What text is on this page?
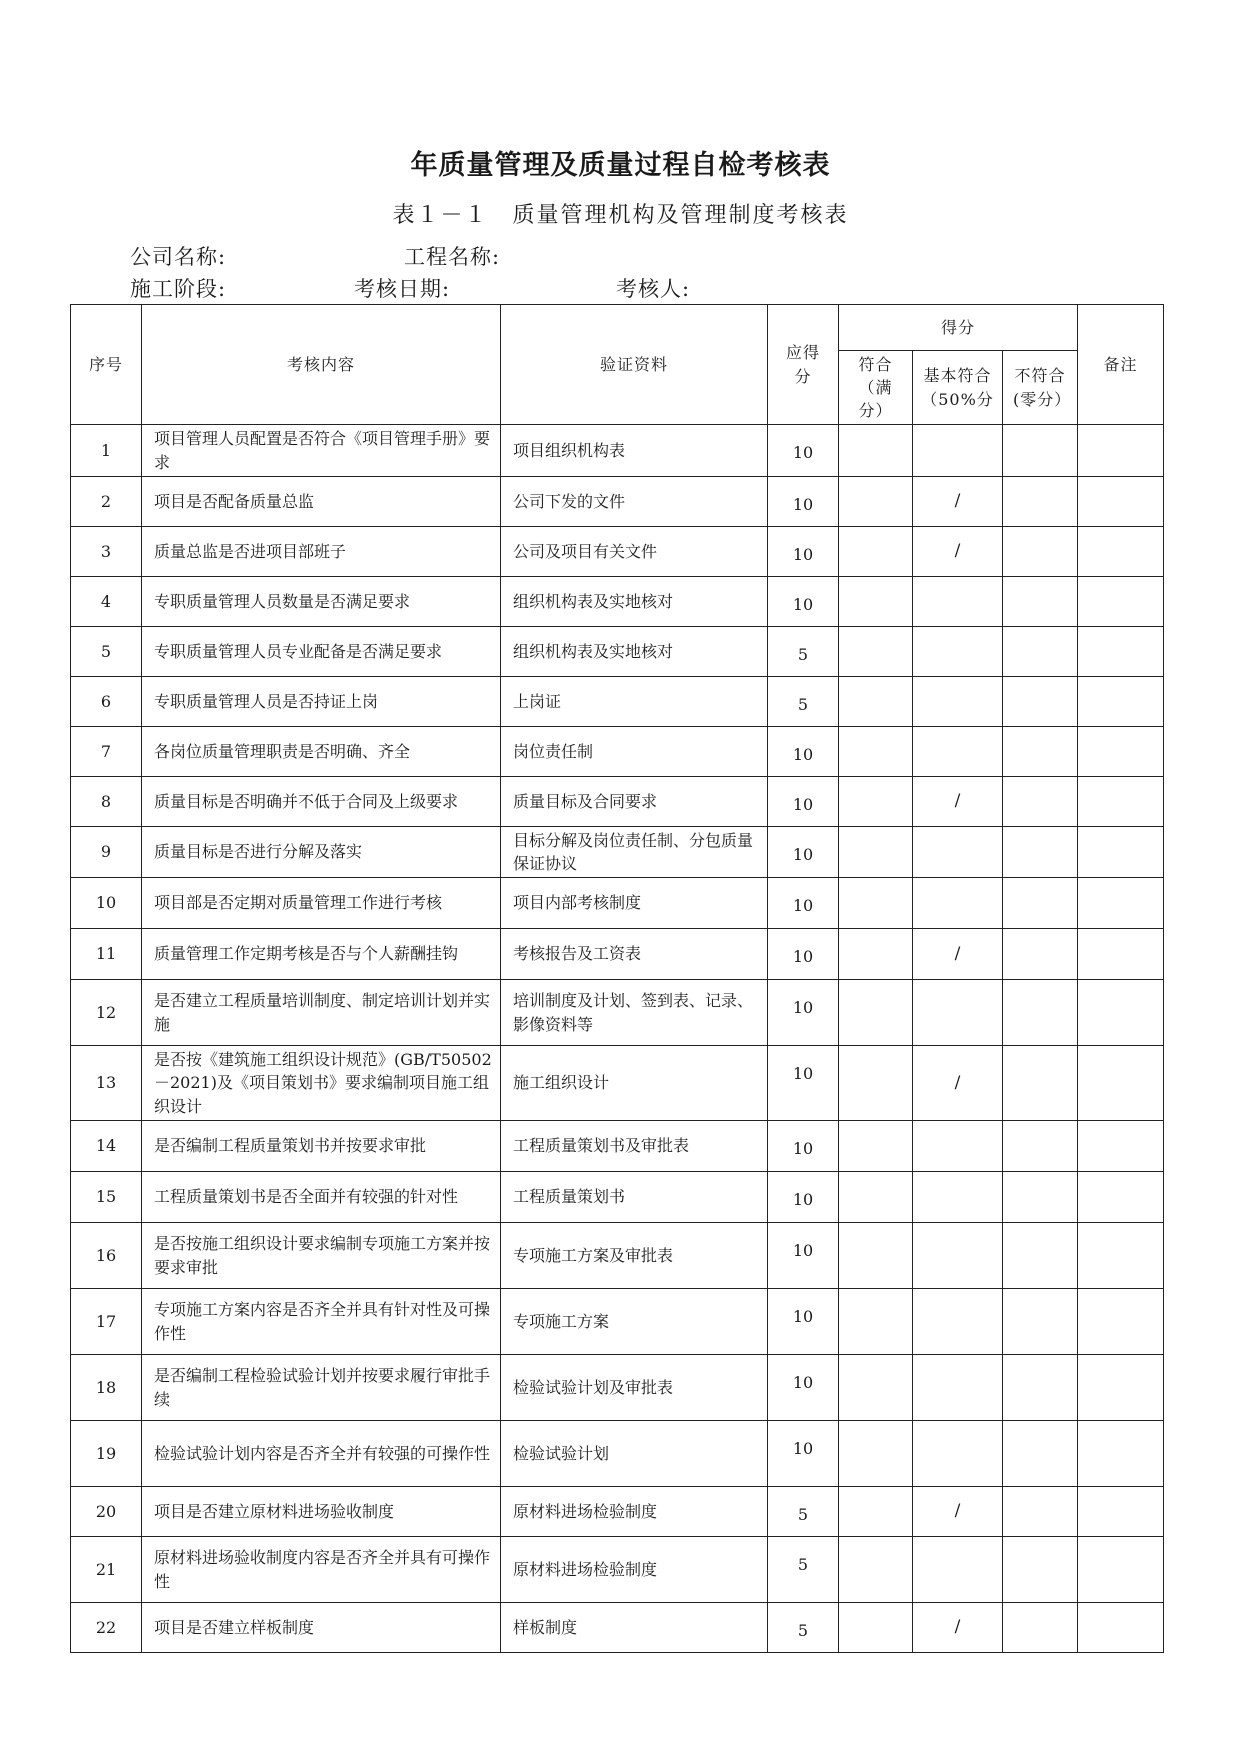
年质量管理及质量过程自检考核表
表１－１　质量管理机构及管理制度考核表
公司名称:	工程名称:
施工阶段:	考核日期:	考核人:
序号	考核内容	验证资料	应得分	得分			备注
				符合（满分）	基本符合（50%分	不符合(零分）	
1	项目管理人员配置是否符合《项目管理手册》要求	项目组织机构表	10				
2	项目是否配备质量总监	公司下发的文件	10		/		
3	质量总监是否进项目部班子	公司及项目有关文件	10		/		
4	专职质量管理人员数量是否满足要求	组织机构表及实地核对	10				
5	专职质量管理人员专业配备是否满足要求	组织机构表及实地核对	5				
6	专职质量管理人员是否持证上岗	上岗证	5				
7	各岗位质量管理职责是否明确、齐全	岗位责任制	10				
8	质量目标是否明确并不低于合同及上级要求	质量目标及合同要求	10		/		
9	质量目标是否进行分解及落实	目标分解及岗位责任制、分包质量保证协议	10				
10	项目部是否定期对质量管理工作进行考核	项目内部考核制度	10				
11	质量管理工作定期考核是否与个人薪酬挂钩	考核报告及工资表	10		/		
12	是否建立工程质量培训制度、制定培训计划并实施	培训制度及计划、签到表、记录、影像资料等	10				
13	是否按《建筑施工组织设计规范》(GB/T50502－2021)及《项目策划书》要求编制项目施工组织设计	施工组织设计	10		/		
14	是否编制工程质量策划书并按要求审批	工程质量策划书及审批表	10				
15	工程质量策划书是否全面并有较强的针对性	工程质量策划书	10				
16	是否按施工组织设计要求编制专项施工方案并按要求审批	专项施工方案及审批表	10				
17	专项施工方案内容是否齐全并具有针对性及可操作性	专项施工方案	10				
18	是否编制工程检验试验计划并按要求履行审批手续	检验试验计划及审批表	10				
19	检验试验计划内容是否齐全并有较强的可操作性	检验试验计划	10				
20	项目是否建立原材料进场验收制度	原材料进场检验制度	5		/		
21	原材料进场验收制度内容是否齐全并具有可操作性	原材料进场检验制度	5				
22	项目是否建立样板制度	样板制度	5		/		
